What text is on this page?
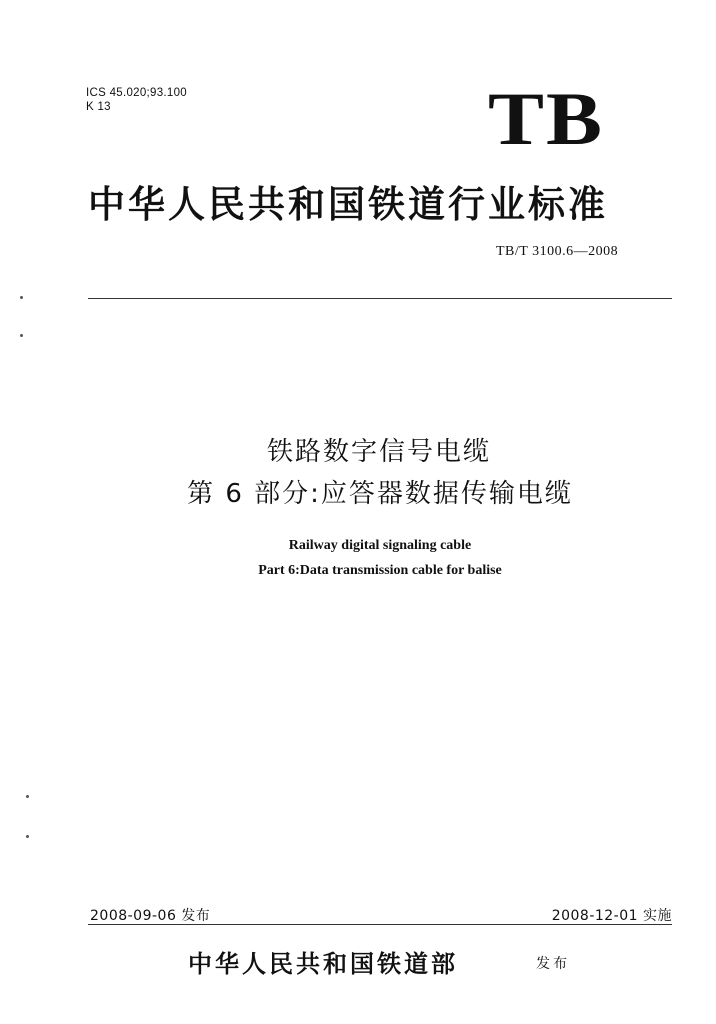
ICS 45.020;93.100
K 13	TB
中华人民共和国铁道行业标准
TB/T 3100.6—2008
铁路数字信号电缆
第 6 部分:应答器数据传输电缆
Railway digital signaling cable
Part 6:Data transmission cable for balise
2008-09-06 发布	2008-12-01 实施
中华人民共和国铁道部	发布
